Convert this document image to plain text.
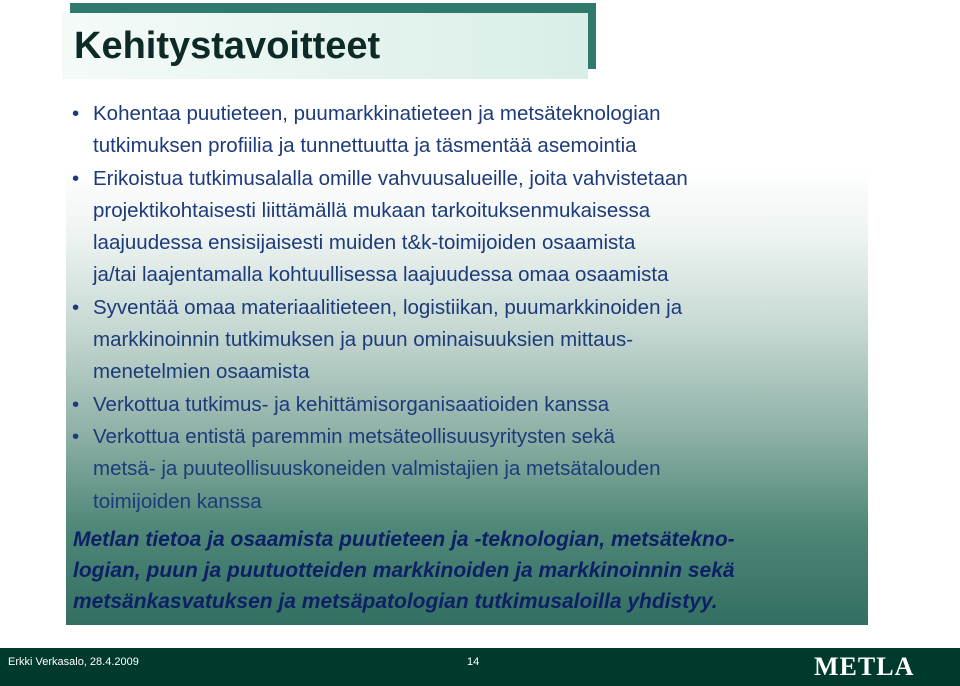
Kehitystavoitteet
• Kohentaa puutieteen, puumarkkinatieteen ja metsäteknologian
tutkimuksen profiilia ja tunnettuutta ja täsmentää asemointia
• Erikoistua tutkimusalalla omille vahvuusalueille, joita vahvistetaan
projektikohtaisesti liittämällä mukaan tarkoituksenmukaisessa
laajuudessa ensisijaisesti muiden t&k-toimijoiden osaamista
ja/tai laajentamalla kohtuullisessa laajuudessa omaa osaamista
• Syventää omaa materiaalitieteen, logistiikan, puumarkkinoiden ja
markkinoinnin tutkimuksen ja puun ominaisuuksien mittaus-
menetelmien osaamista
• Verkottua tutkimus- ja kehittämisorganisaatioiden kanssa
• Verkottua entistä paremmin metsäteollisuusyritysten sekä
metsä- ja puuteollisuuskoneiden valmistajien ja metsätalouden
toimijoiden kanssa
Metlan tietoa ja osaamista puutieteen ja -teknologian, metsätekno-
logian, puun ja puutuotteiden markkinoiden ja markkinoinnin sekä
metsänkasvatuksen ja metsäpatologian tutkimusaloilla yhdistyy.
Erkki Verkasalo, 28.4.2009	14	METLA
